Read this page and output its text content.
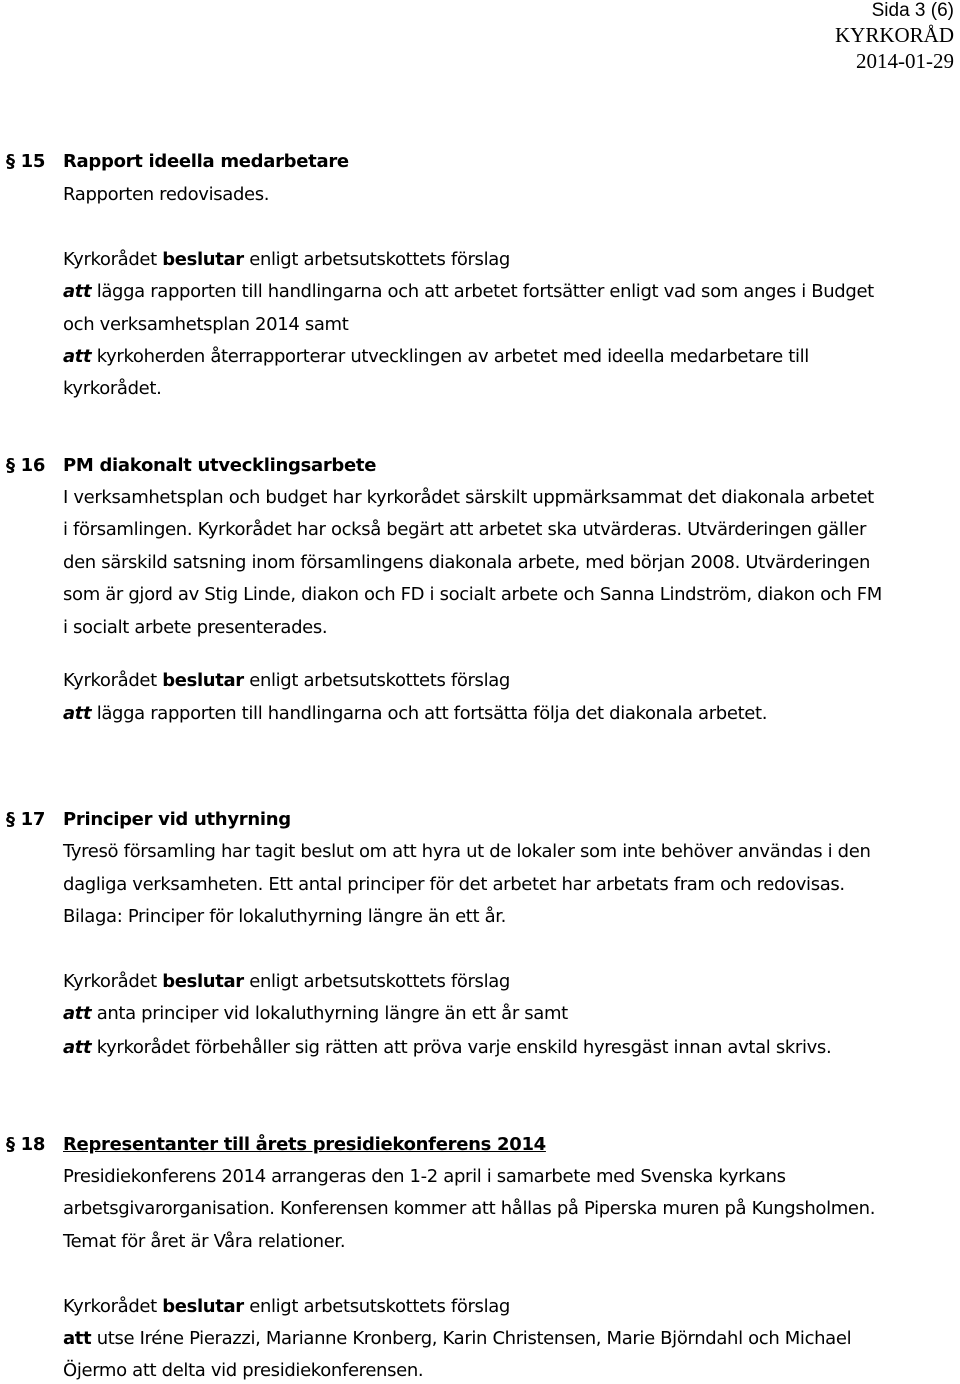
Sida 3 (6)
KYRKORÅD
2014-01-29
§ 15 Rapport ideella medarbetare
Rapporten redovisades.
Kyrkorådet beslutar enligt arbetsutskottets förslag
att lägga rapporten till handlingarna och att arbetet fortsätter enligt vad som anges i Budget
och verksamhetsplan 2014 samt
att kyrkoherden återrapporterar utvecklingen av arbetet med ideella medarbetare till
kyrkorådet.
§ 16 PM diakonalt utvecklingsarbete
I verksamhetsplan och budget har kyrkorådet särskilt uppmärksammat det diakonala arbetet
i församlingen. Kyrkorådet har också begärt att arbetet ska utvärderas. Utvärderingen gäller
den särskild satsning inom församlingens diakonala arbete, med början 2008. Utvärderingen
som är gjord av Stig Linde, diakon och FD i socialt arbete och Sanna Lindström, diakon och FM
i socialt arbete presenterades.
Kyrkorådet beslutar enligt arbetsutskottets förslag
att lägga rapporten till handlingarna och att fortsätta följa det diakonala arbetet.
§ 17 Principer vid uthyrning
Tyresö församling har tagit beslut om att hyra ut de lokaler som inte behöver användas i den
dagliga verksamheten. Ett antal principer för det arbetet har arbetats fram och redovisas.
Bilaga: Principer för lokaluthyrning längre än ett år.
Kyrkorådet beslutar enligt arbetsutskottets förslag
att anta principer vid lokaluthyrning längre än ett år samt
att kyrkorådet förbehåller sig rätten att pröva varje enskild hyresgäst innan avtal skrivs.
§ 18 Representanter till årets presidiekonferens 2014
Presidiekonferens 2014 arrangeras den 1-2 april i samarbete med Svenska kyrkans
arbetsgivarorganisation. Konferensen kommer att hållas på Piperska muren på Kungsholmen.
Temat för året är Våra relationer.
Kyrkorådet beslutar enligt arbetsutskottets förslag
att utse Iréne Pierazzi, Marianne Kronberg, Karin Christensen, Marie Björndahl och Michael
Öjermo att delta vid presidiekonferensen.
